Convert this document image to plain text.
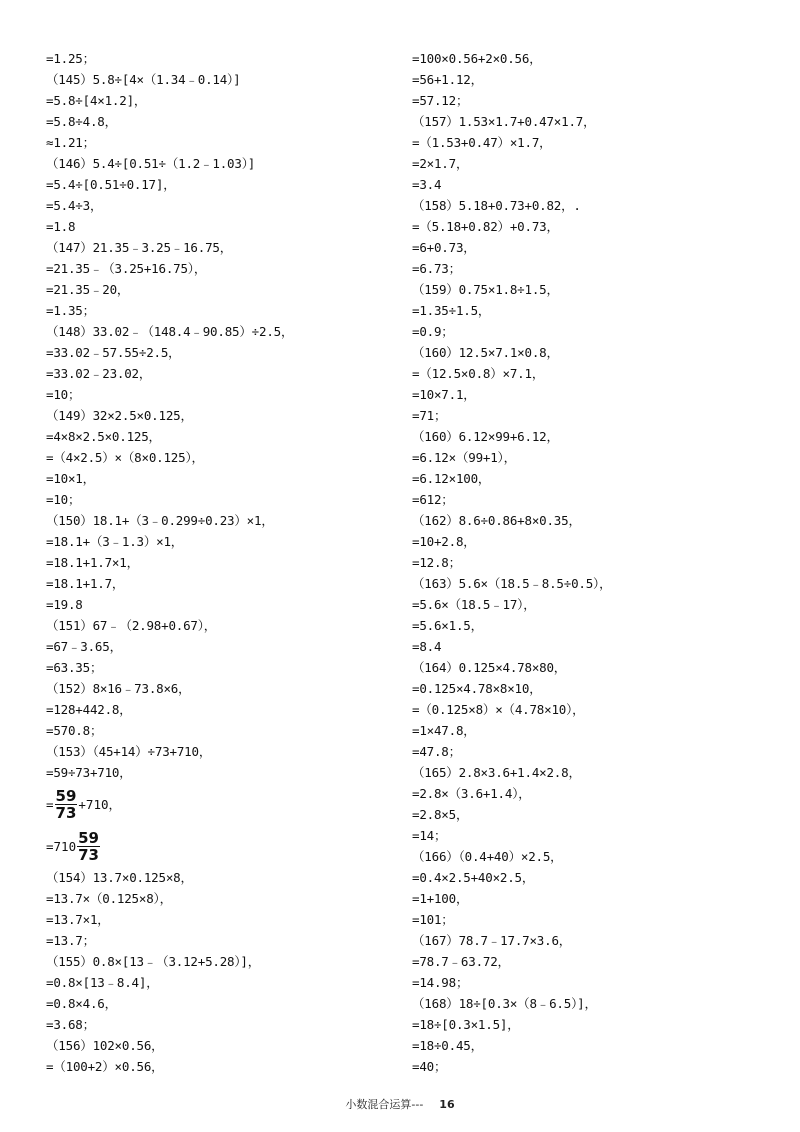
=1.25；
（145）5.8÷[4×（1.34﹣0.14）]
=5.8÷[4×1.2]，
=5.8÷4.8，
≈1.21；
（146）5.4÷[0.51÷（1.2﹣1.03）]
=5.4÷[0.51÷0.17]，
=5.4÷3，
=1.8
（147）21.35﹣3.25﹣16.75，
=21.35﹣（3.25+16.75），
=21.35﹣20，
=1.35；
（148）33.02﹣（148.4﹣90.85）÷2.5，
=33.02﹣57.55÷2.5，
=33.02﹣23.02，
=10；
（149）32×2.5×0.125，
=4×8×2.5×0.125，
=（4×2.5）×（8×0.125），
=10×1，
=10；
（150）18.1+（3﹣0.299÷0.23）×1，
=18.1+（3﹣1.3）×1，
=18.1+1.7×1，
=18.1+1.7，
=19.8
（151）67﹣（2.98+0.67），
=67﹣3.65，
=63.35；
（152）8×16﹣73.8×6，
=128+442.8，
=570.8；
（153）（45+14）÷73+710，
=59÷73+710，
= $\frac{59}{73} +710$，
$=710 \frac{59}{73}$
（154）13.7×0.125×8，
=13.7×（0.125×8），
=13.7×1，
=13.7；
（155）0.8×[13﹣（3.12+5.28）]，
=0.8×[13﹣8.4]，
=0.8×4.6，
=3.68；
（156）102×0.56，
=（100+2）×0.56，
=100×0.56+2×0.56，
=56+1.12，
=57.12；
（157）1.53×1.7+0.47×1.7，
=（1.53+0.47）×1.7，
=2×1.7，
=3.4
（158）5.18+0.73+0.82，.
=（5.18+0.82）+0.73，
=6+0.73，
=6.73；
（159）0.75×1.8÷1.5，
=1.35÷1.5，
=0.9；
（160）12.5×7.1×0.8，
=（12.5×0.8）×7.1，
=10×7.1，
=71；
（160）6.12×99+6.12，
=6.12×（99+1），
=6.12×100，
=612；
（162）8.6÷0.86+8×0.35，
=10+2.8，
=12.8；
（163）5.6×（18.5﹣8.5÷0.5），
=5.6×（18.5﹣17），
=5.6×1.5，
=8.4
（164）0.125×4.78×80，
=0.125×4.78×8×10，
=（0.125×8）×（4.78×10），
=1×47.8，
=47.8；
（165）2.8×3.6+1.4×2.8，
=2.8×（3.6+1.4），
=2.8×5，
=14；
（166）（0.4+40）×2.5，
=0.4×2.5+40×2.5，
=1+100，
=101；
（167）78.7﹣17.7×3.6，
=78.7﹣63.72，
=14.98；
（168）18÷[0.3×（8﹣6.5）]，
=18÷[0.3×1.5]，
=18÷0.45，
=40；
小数混合运算--- 16
